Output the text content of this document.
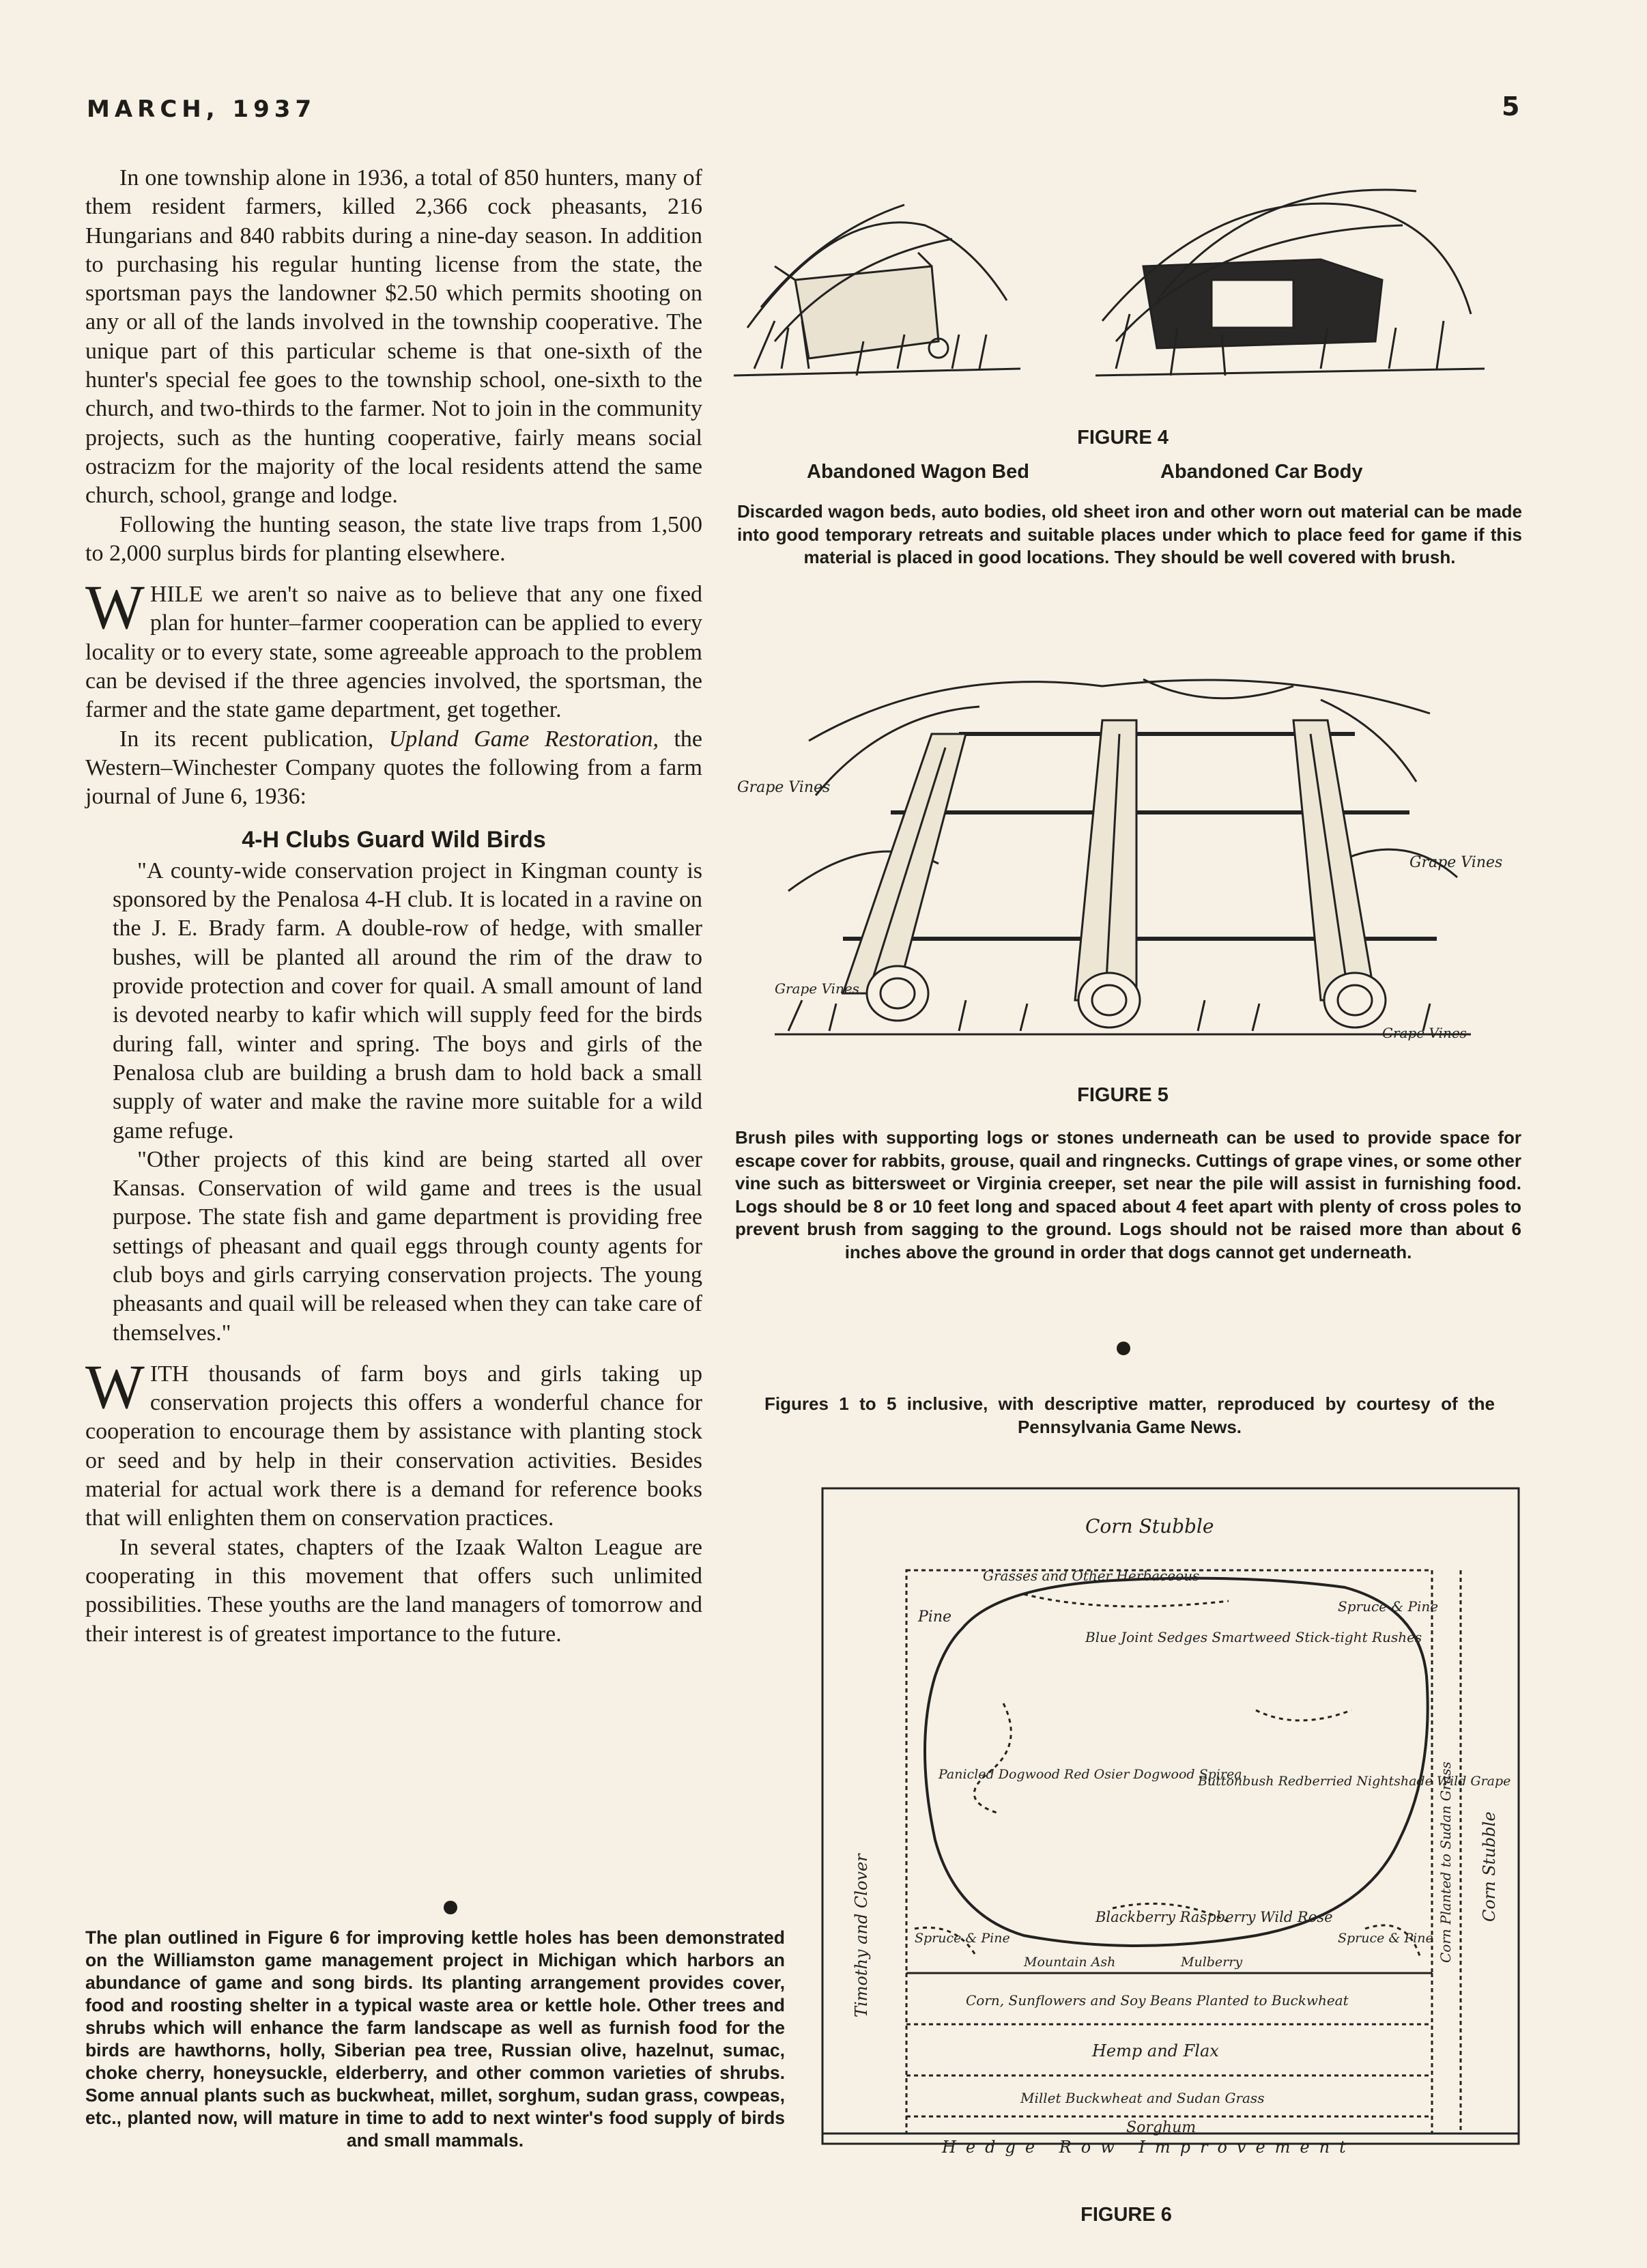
MARCH, 1937	5

In one township alone in 1936, a total of 850 hunters, many of them resident farmers, killed 2,366 cock pheasants, 216 Hungarians and 840 rabbits during a nine-day season. In addition to purchasing his regular hunting license from the state, the sportsman pays the landowner $2.50 which permits shooting on any or all of the lands involved in the township cooperative. The unique part of this particular scheme is that one-sixth of the hunter's special fee goes to the township school, one-sixth to the church, and two-thirds to the farmer. Not to join in the community projects, such as the hunting cooperative, fairly means social ostracizm for the majority of the local residents attend the same church, school, grange and lodge.

Following the hunting season, the state live traps from 1,500 to 2,000 surplus birds for planting elsewhere.

WHILE we aren't so naive as to believe that any one fixed plan for hunter–farmer cooperation can be applied to every locality or to every state, some agreeable approach to the problem can be devised if the three agencies involved, the sportsman, the farmer and the state game department, get together.

In its recent publication, Upland Game Restoration, the Western–Winchester Company quotes the following from a farm journal of June 6, 1936:

4-H Clubs Guard Wild Birds

"A county-wide conservation project in Kingman county is sponsored by the Penalosa 4-H club. It is located in a ravine on the J. E. Brady farm. A double-row of hedge, with smaller bushes, will be planted all around the rim of the draw to provide protection and cover for quail. A small amount of land is devoted nearby to kafir which will supply feed for the birds during fall, winter and spring. The boys and girls of the Penalosa club are building a brush dam to hold back a small supply of water and make the ravine more suitable for a wild game refuge.

"Other projects of this kind are being started all over Kansas. Conservation of wild game and trees is the usual purpose. The state fish and game department is providing free settings of pheasant and quail eggs through county agents for club boys and girls carrying conservation projects. The young pheasants and quail will be released when they can take care of themselves."

WITH thousands of farm boys and girls taking up conservation projects this offers a wonderful chance for cooperation to encourage them by assistance with planting stock or seed and by help in their conservation activities. Besides material for actual work there is a demand for reference books that will enlighten them on conservation practices.

In several states, chapters of the Izaak Walton League are cooperating in this movement that offers such unlimited possibilities. These youths are the land managers of tomorrow and their interest is of greatest importance to the future.

The plan outlined in Figure 6 for improving kettle holes has been demonstrated on the Williamston game management project in Michigan which harbors an abundance of game and song birds. Its planting arrangement provides cover, food and roosting shelter in a typical waste area or kettle hole. Other trees and shrubs which will enhance the farm landscape as well as furnish food for the birds are hawthorns, holly, Siberian pea tree, Russian olive, hazelnut, sumac, choke cherry, honeysuckle, elderberry, and other common varieties of shrubs. Some annual plants such as buckwheat, millet, sorghum, sudan grass, cowpeas, etc., planted now, will mature in time to add to next winter's food supply of birds and small mammals.
FIGURE 4
Abandoned Wagon Bed	Abandoned Car Body
Discarded wagon beds, auto bodies, old sheet iron and other worn out material can be made into good temporary retreats and suitable places under which to place feed for game if this material is placed in good locations. They should be well covered with brush.
Grape Vines
Grape Vines
Grape Vines
Grape Vines
FIGURE 5
Brush piles with supporting logs or stones underneath can be used to provide space for escape cover for rabbits, grouse, quail and ringnecks. Cuttings of grape vines, or some other vine such as bittersweet or Virginia creeper, set near the pile will assist in furnishing food. Logs should be 8 or 10 feet long and spaced about 4 feet apart with plenty of cross poles to prevent brush from sagging to the ground. Logs should not be raised more than about 6 inches above the ground in order that dogs cannot get underneath.
Figures 1 to 5 inclusive, with descriptive matter, reproduced by courtesy of the Pennsylvania Game News.
Corn Stubble
Grasses and Other Herbaceous
Pine
Spruce & Pine
Blue Joint Sedges Smartweed Stick-tight Rushes
Panicled Dogwood Red Osier Dogwood Spirea
Buttonbush Redberried Nightshade Wild Grape
Blackberry Raspberry Wild Rose
Spruce & Pine	Spruce & Pine
Mountain Ash	Mulberry
Timothy and Clover	Corn Planted to Sudan Grass Corn Stubble
Corn, Sunflowers and Soy Beans Planted to Buckwheat
Hemp and Flax
Millet Buckwheat and Sudan Grass
Sorghum
Hedge Row Improvement
FIGURE 6
